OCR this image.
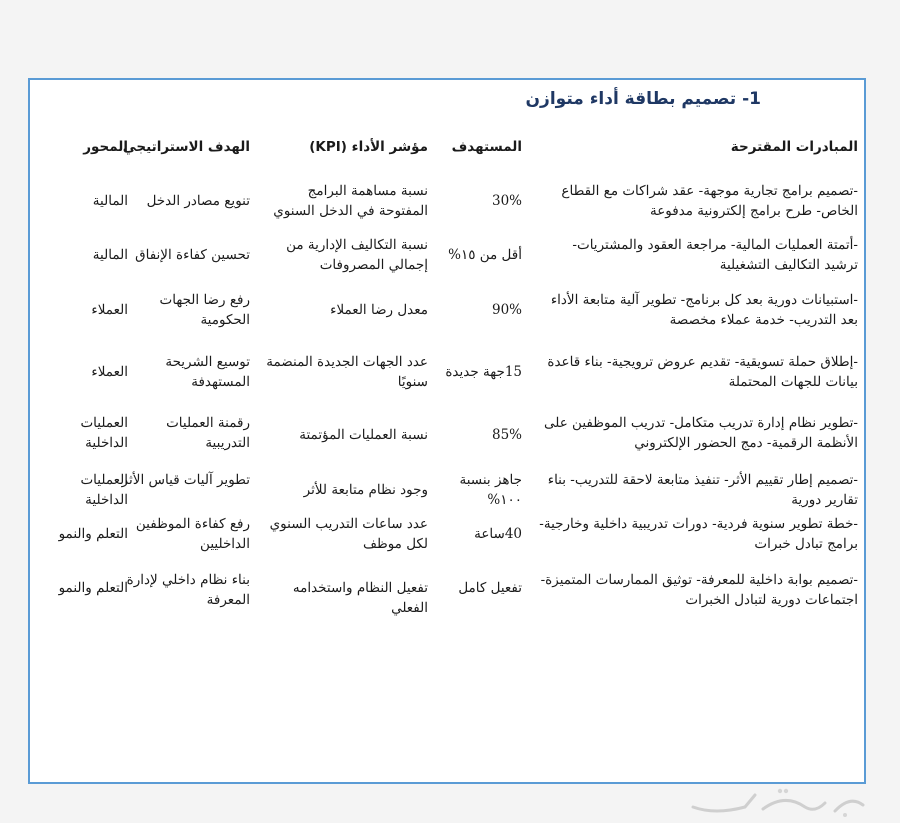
1- تصميم بطاقة أداء متوازن
المبادرات المقترحة
المستهدف
مؤشر الأداء (KPI)
الهدف الاستراتيجي
المحور
-تصميم برامج تجارية موجهة- عقد شراكات مع القطاع الخاص- طرح برامج إلكترونية مدفوعة
30%
نسبة مساهمة البرامج المفتوحة في الدخل السنوي
تنويع مصادر الدخل
المالية
-أتمتة العمليات المالية- مراجعة العقود والمشتريات- ترشيد التكاليف التشغيلية
أقل من ١٥%
نسبة التكاليف الإدارية من إجمالي المصروفات
تحسين كفاءة الإنفاق
المالية
-استبيانات دورية بعد كل برنامج- تطوير آلية متابعة الأداء بعد التدريب- خدمة عملاء مخصصة
90%
معدل رضا العملاء
رفع رضا الجهات الحكومية
العملاء
-إطلاق حملة تسويقية- تقديم عروض ترويجية- بناء قاعدة بيانات للجهات المحتملة
15جهة جديدة
عدد الجهات الجديدة المنضمة سنويًا
توسيع الشريحة المستهدفة
العملاء
-تطوير نظام إدارة تدريب متكامل- تدريب الموظفين على الأنظمة الرقمية- دمج الحضور الإلكتروني
85%
نسبة العمليات المؤتمتة
رقمنة العمليات التدريبية
العمليات الداخلية
-تصميم إطار تقييم الأثر- تنفيذ متابعة لاحقة للتدريب- بناء تقارير دورية
جاهز بنسبة ١٠٠%
وجود نظام متابعة للأثر
تطوير آليات قياس الأثر
العمليات الداخلية
-خطة تطوير سنوية فردية- دورات تدريبية داخلية وخارجية- برامج تبادل خبرات
40ساعة
عدد ساعات التدريب السنوي لكل موظف
رفع كفاءة الموظفين الداخليين
التعلم والنمو
-تصميم بوابة داخلية للمعرفة- توثيق الممارسات المتميزة- اجتماعات دورية لتبادل الخبرات
تفعيل كامل
تفعيل النظام واستخدامه الفعلي
بناء نظام داخلي لإدارة المعرفة
التعلم والنمو
